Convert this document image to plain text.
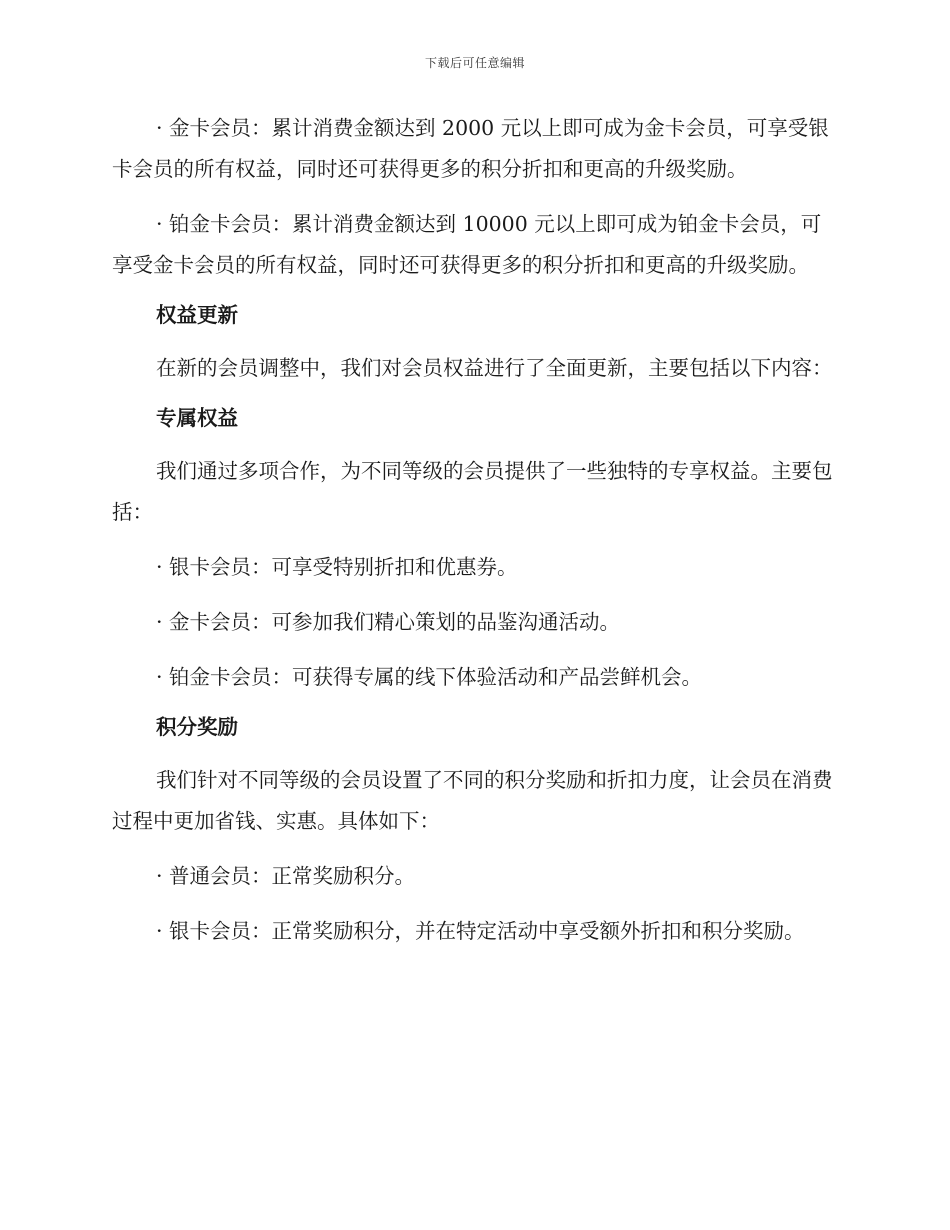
下载后可任意编辑

· 金卡会员：累计消费金额达到 2000 元以上即可成为金卡会员，可享受银卡会员的所有权益，同时还可获得更多的积分折扣和更高的升级奖励。

· 铂金卡会员：累计消费金额达到 10000 元以上即可成为铂金卡会员，可享受金卡会员的所有权益，同时还可获得更多的积分折扣和更高的升级奖励。

权益更新

在新的会员调整中，我们对会员权益进行了全面更新，主要包括以下内容：

专属权益

我们通过多项合作，为不同等级的会员提供了一些独特的专享权益。主要包括：

· 银卡会员：可享受特别折扣和优惠券。

· 金卡会员：可参加我们精心策划的品鉴沟通活动。

· 铂金卡会员：可获得专属的线下体验活动和产品尝鲜机会。

积分奖励

我们针对不同等级的会员设置了不同的积分奖励和折扣力度，让会员在消费过程中更加省钱、实惠。具体如下：

· 普通会员：正常奖励积分。

· 银卡会员：正常奖励积分，并在特定活动中享受额外折扣和积分奖励。
